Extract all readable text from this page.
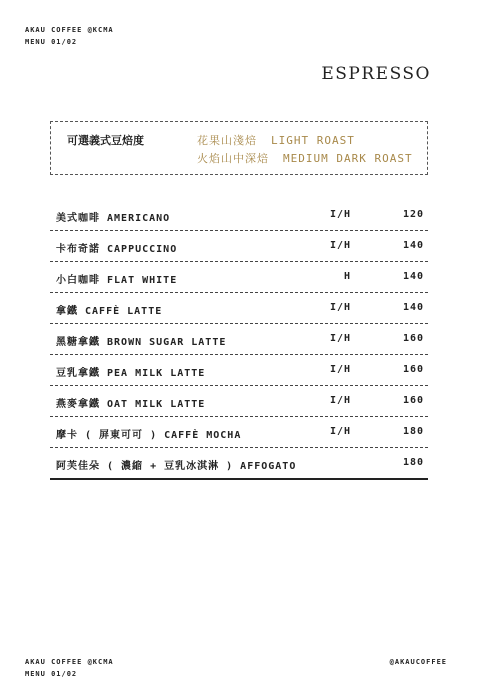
AKAU COFFEE @KCMA
MENU 01/02
ESPRESSO
可選義式豆焙度	花果山淺焙 LIGHT ROAST
火焰山中深焙 MEDIUM DARK ROAST
美式咖啡 AMERICANO	I/H	120
卡布奇諾 CAPPUCCINO	I/H	140
小白咖啡 FLAT WHITE	H	140
拿鐵 CAFFÈ LATTE	I/H	140
黑糖拿鐵 BROWN SUGAR LATTE	I/H	160
豆乳拿鐵 PEA MILK LATTE	I/H	160
燕麥拿鐵 OAT MILK LATTE	I/H	160
摩卡 ( 屏東可可 ) CAFFÈ MOCHA	I/H	180
阿芙佳朵 ( 濃縮 + 豆乳冰淇淋 ) AFFOGATO	180
AKAU COFFEE @KCMA
MENU 01/02
@AKAUCOFFEE
